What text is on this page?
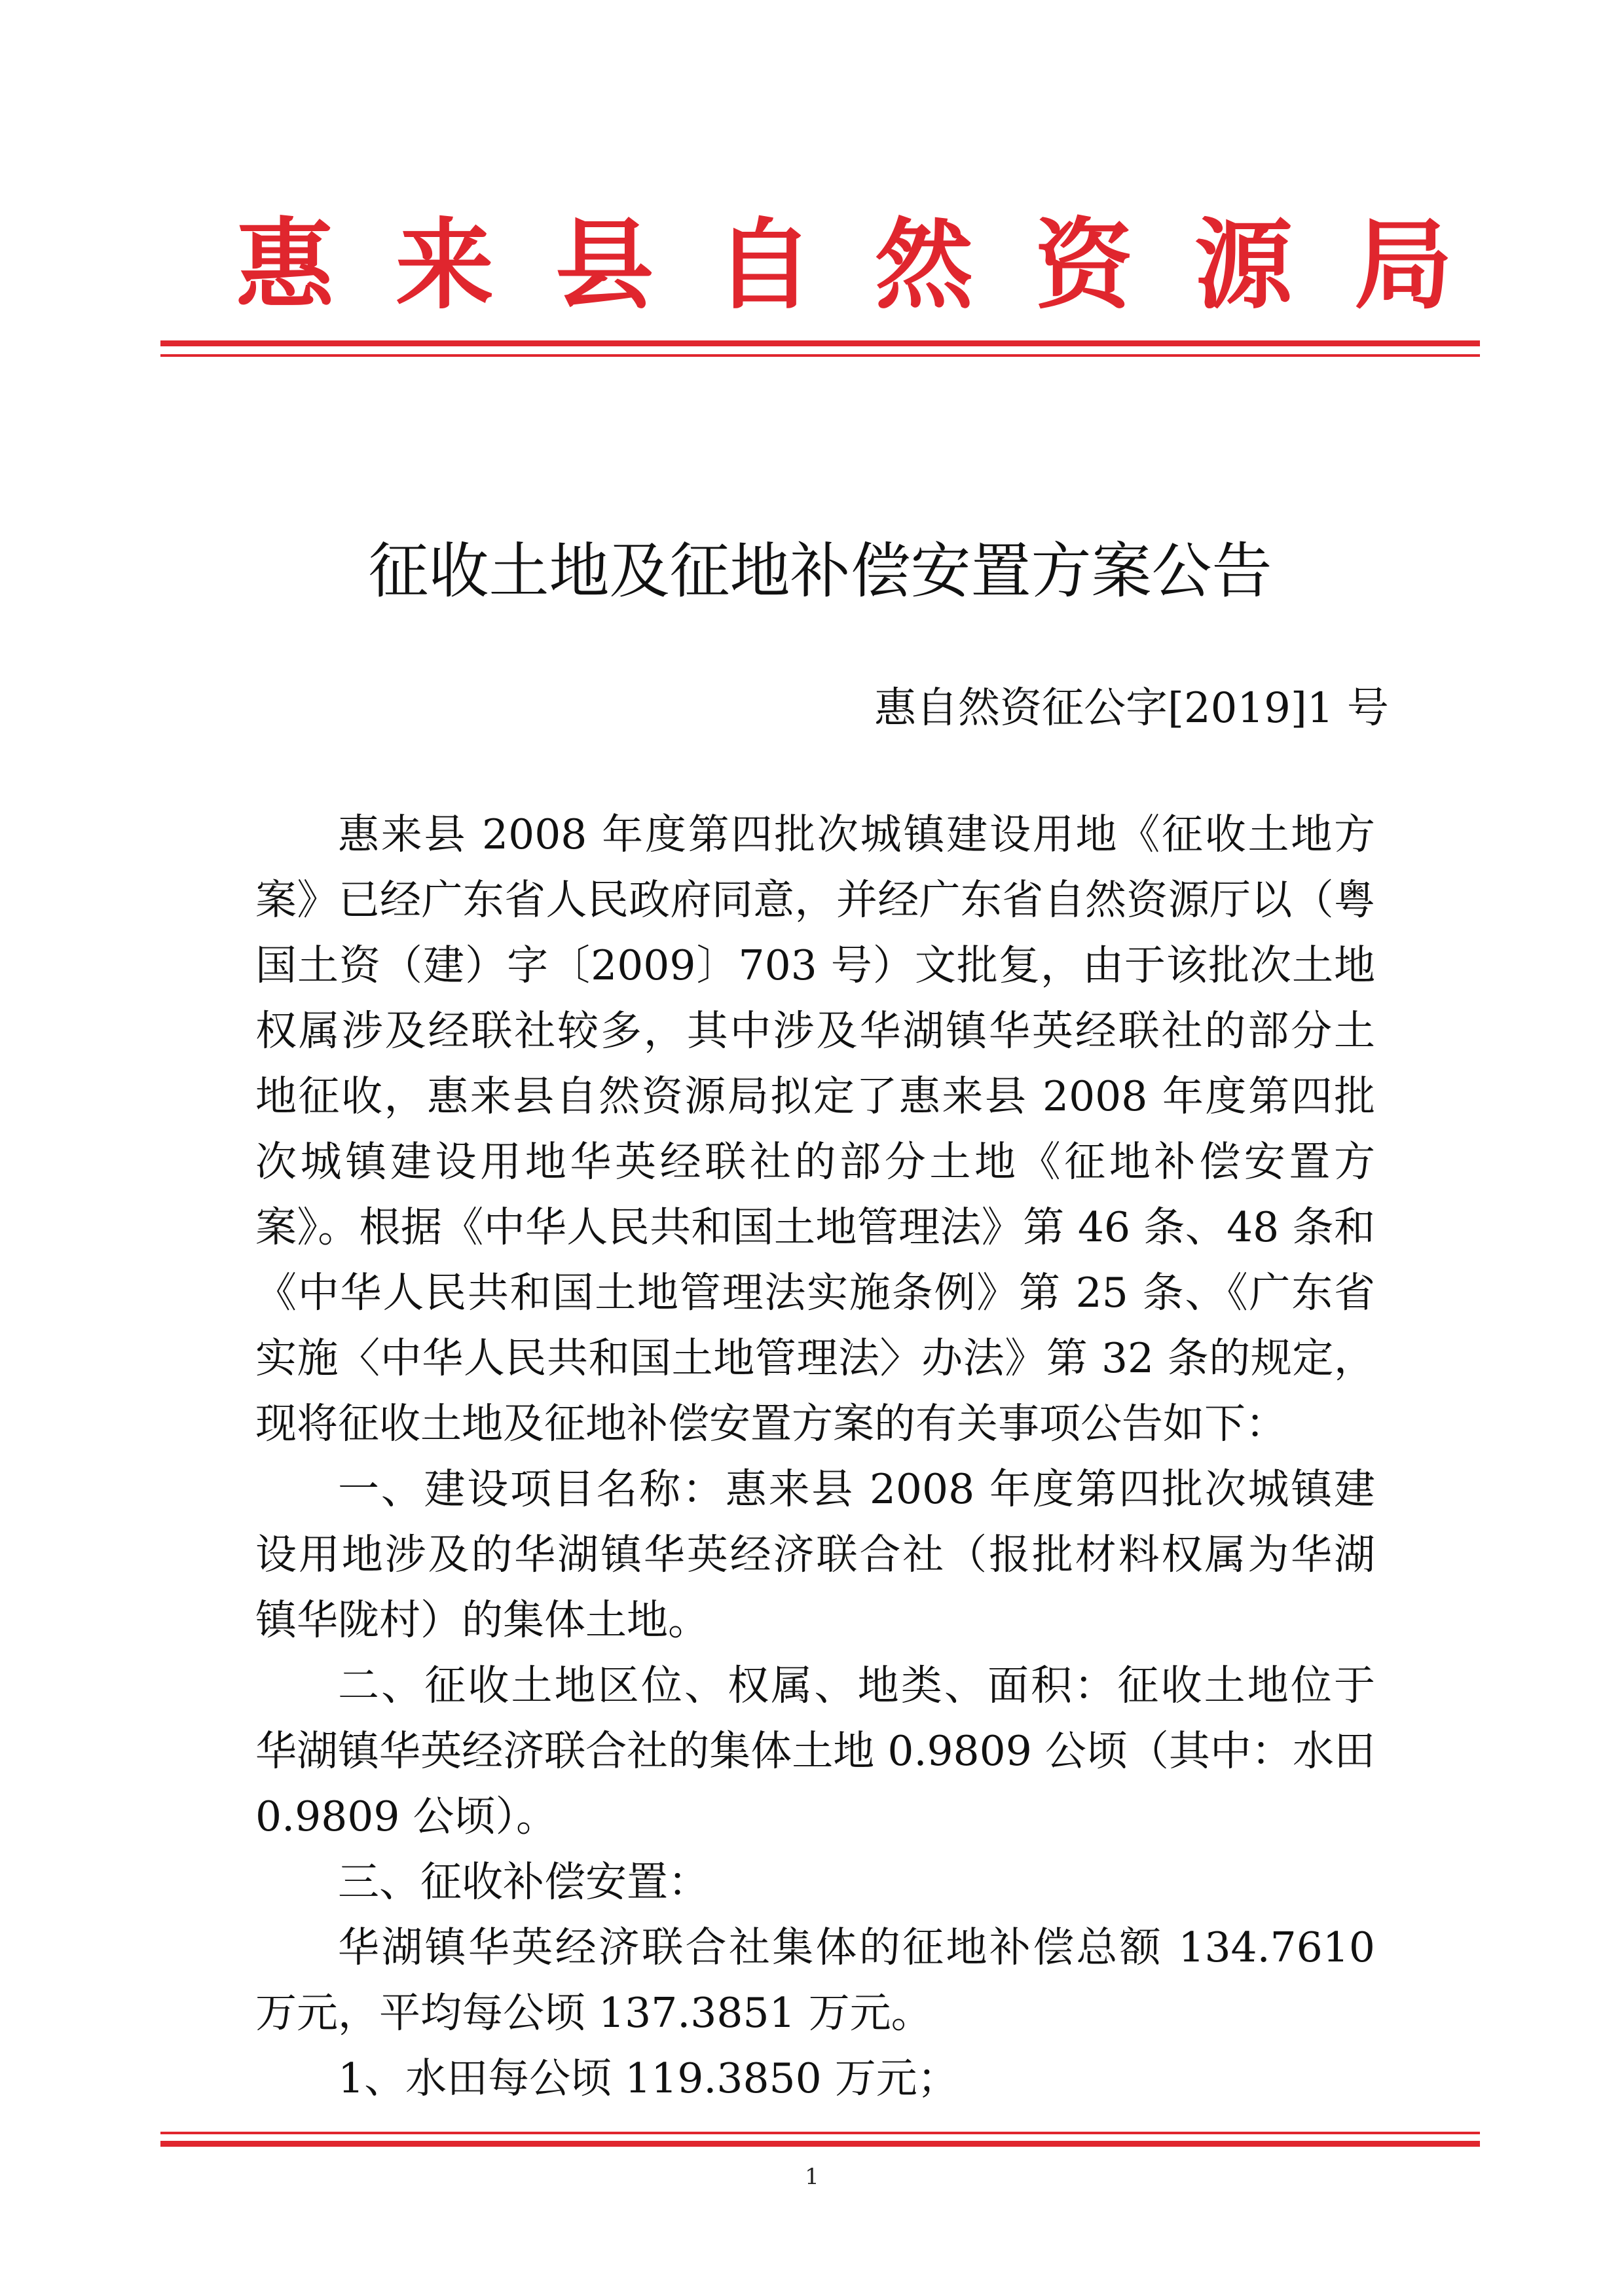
惠来县自然资源局
征收土地及征地补偿安置方案公告
惠自然资征公字[2019]1 号
惠来县 2008 年度第四批次城镇建设用地《征收土地方
案》已经广东省人民政府同意，并经广东省自然资源厅以（粤
国土资（建）字〔2009〕703 号）文批复，由于该批次土地
权属涉及经联社较多，其中涉及华湖镇华英经联社的部分土
地征收，惠来县自然资源局拟定了惠来县 2008 年度第四批
次城镇建设用地华英经联社的部分土地《征地补偿安置方
案》。根据《中华人民共和国土地管理法》第 46 条、48 条和
《中华人民共和国土地管理法实施条例》第 25 条、《广东省
实施〈中华人民共和国土地管理法〉办法》第 32 条的规定，
现将征收土地及征地补偿安置方案的有关事项公告如下：
一、建设项目名称：惠来县 2008 年度第四批次城镇建
设用地涉及的华湖镇华英经济联合社（报批材料权属为华湖
镇华陇村）的集体土地。
二、征收土地区位、权属、地类、面积：征收土地位于
华湖镇华英经济联合社的集体土地 0.9809 公顷（其中：水田
0.9809 公顷）。
三、征收补偿安置：
华湖镇华英经济联合社集体的征地补偿总额 134.7610
万元，平均每公顷 137.3851 万元。
1、水田每公顷 119.3850 万元；
1
